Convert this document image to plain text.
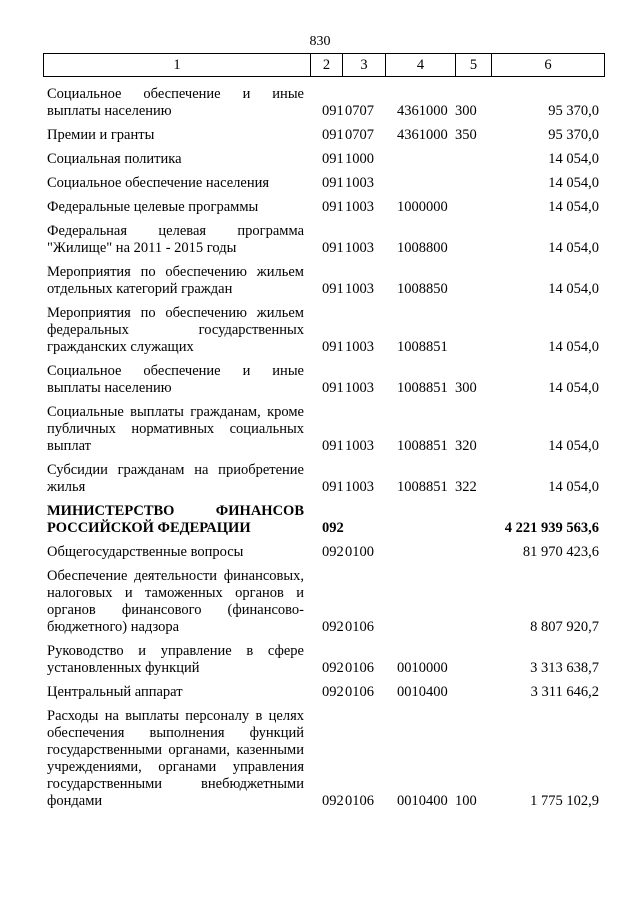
830
1	2	3	4	5	6
Социальное обеспечение и иные выплаты населению	091	0707	4361000	300	95 370,0
Премии и гранты	091	0707	4361000	350	95 370,0
Социальная политика	091	1000			14 054,0
Социальное обеспечение населения	091	1003			14 054,0
Федеральные целевые программы	091	1003	1000000		14 054,0
Федеральная целевая программа "Жилище" на 2011 - 2015 годы	091	1003	1008800		14 054,0
Мероприятия по обеспечению жильем отдельных категорий граждан	091	1003	1008850		14 054,0
Мероприятия по обеспечению жильем федеральных государственных гражданских служащих	091	1003	1008851		14 054,0
Социальное обеспечение и иные выплаты населению	091	1003	1008851	300	14 054,0
Социальные выплаты гражданам, кроме публичных нормативных социальных выплат	091	1003	1008851	320	14 054,0
Субсидии гражданам на приобретение жилья	091	1003	1008851	322	14 054,0
МИНИСТЕРСТВО ФИНАНСОВ РОССИЙСКОЙ ФЕДЕРАЦИИ	092				4 221 939 563,6
Общегосударственные вопросы	092	0100			81 970 423,6
Обеспечение деятельности финансовых, налоговых и таможенных органов и органов финансового (финансово-бюджетного) надзора	092	0106			8 807 920,7
Руководство и управление в сфере установленных функций	092	0106	0010000		3 313 638,7
Центральный аппарат	092	0106	0010400		3 311 646,2
Расходы на выплаты персоналу в целях обеспечения выполнения функций государственными органами, казенными учреждениями, органами управления государственными внебюджетными фондами	092	0106	0010400	100	1 775 102,9
